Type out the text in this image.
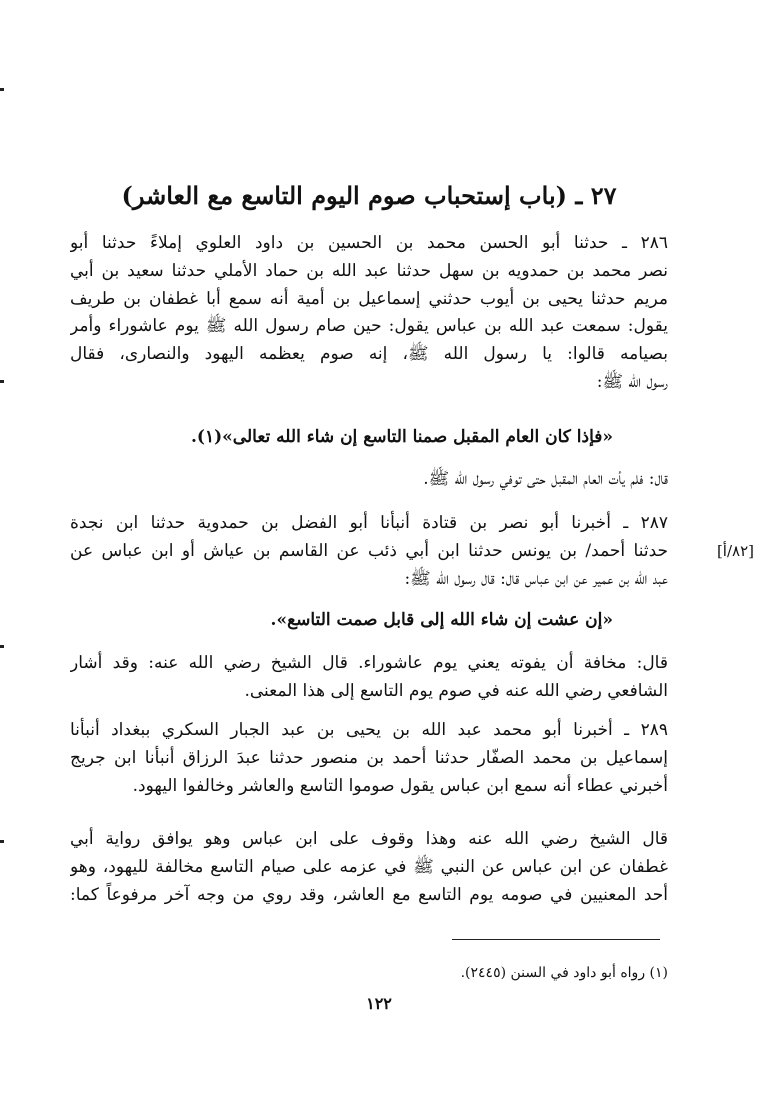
٢٧ ـ (باب إستحباب صوم اليوم التاسع مع العاشر)
٢٨٦ ـ حدثنا أبو الحسن محمد بن الحسين بن داود العلوي إملاءً حدثنا أبو
نصر محمد بن حمدويه بن سهل حدثنا عبد الله بن حماد الأملي حدثنا سعيد بن أبي
مريم حدثنا يحيى بن أيوب حدثني إسماعيل بن أمية أنه سمع أبا غطفان بن طريف
يقول: سمعت عبد الله بن عباس يقول: حين صام رسول الله ﷺ يوم عاشوراء وأمر
بصيامه قالوا: يا رسول الله ﷺ، إنه صوم يعظمه اليهود والنصارى، فقال
رسول الله ﷺ:
«فإذا كان العام المقبل صمنا التاسع إن شاء الله تعالى»(١).
قال: فلم يأت العام المقبل حتى توفي رسول الله ﷺ.
٢٨٧ ـ أخبرنا أبو نصر بن قتادة أنبأنا أبو الفضل بن حمدوية حدثنا ابن نجدة
حدثنا أحمد/ بن يونس حدثنا ابن أبي ذئب عن القاسم بن عياش أو ابن عباس عن
عبد الله بن عمير عن ابن عباس قال: قال رسول الله ﷺ:
[٨٢/أ]
«إن عشت إن شاء الله إلى قابل صمت التاسع».
قال: مخافة أن يفوته يعني يوم عاشوراء. قال الشيخ رضي الله عنه: وقد أشار
الشافعي رضي الله عنه في صوم يوم التاسع إلى هذا المعنى.
٢٨٩ ـ أخبرنا أبو محمد عبد الله بن يحيى بن عبد الجبار السكري ببغداد أنبأنا
إسماعيل بن محمد الصفّار حدثنا أحمد بن منصور حدثنا عبدَ الرزاق أنبأنا ابن جريج
أخبرني عطاء أنه سمع ابن عباس يقول صوموا التاسع والعاشر وخالفوا اليهود.
قال الشيخ رضي الله عنه وهذا وقوف على ابن عباس وهو يوافق رواية أبي
غطفان عن ابن عباس عن النبي ﷺ في عزمه على صيام التاسع مخالفة لليهود، وهو
أحد المعنيين في صومه يوم التاسع مع العاشر، وقد روي من وجه آخر مرفوعاً كما:
(١) رواه أبو داود في السنن (٢٤٤٥).
١٢٢
